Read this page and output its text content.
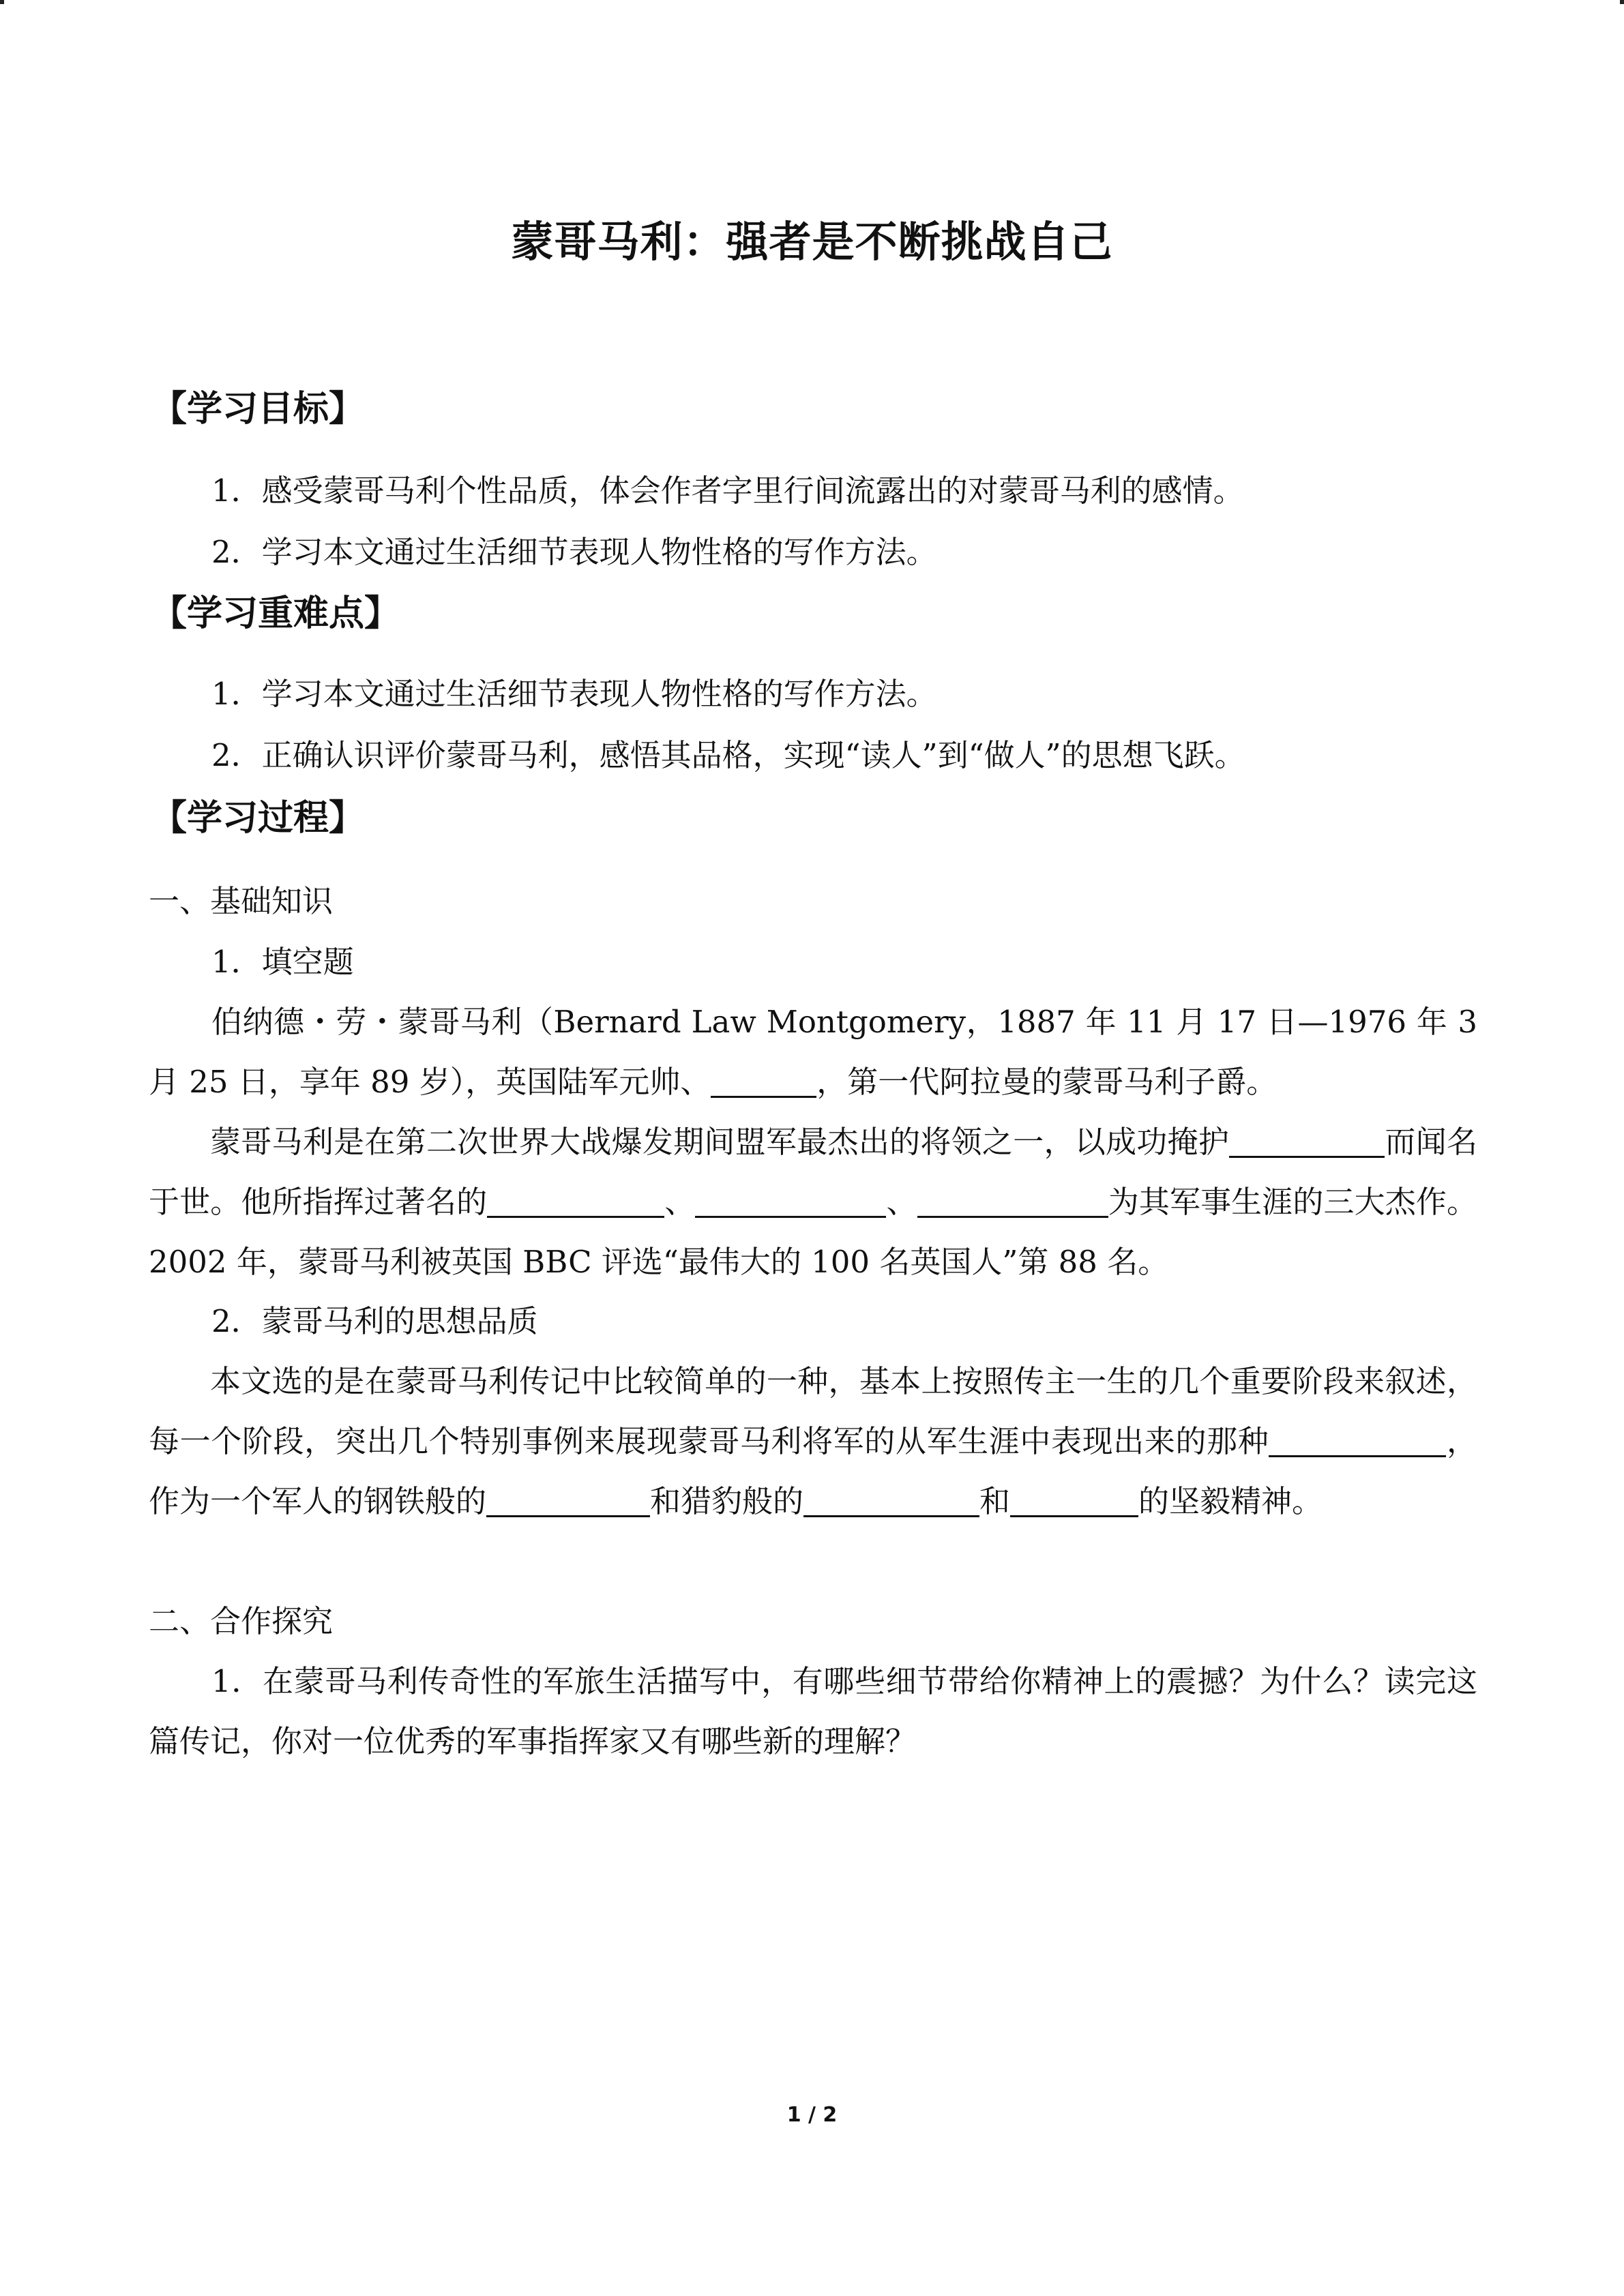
蒙哥马利：强者是不断挑战自己
【学习目标】
1．感受蒙哥马利个性品质，体会作者字里行间流露出的对蒙哥马利的感情。
2．学习本文通过生活细节表现人物性格的写作方法。
【学习重难点】
1．学习本文通过生活细节表现人物性格的写作方法。
2．正确认识评价蒙哥马利，感悟其品格，实现“读人”到“做人”的思想飞跃。
【学习过程】
一、基础知识
1．填空题
伯纳德・劳・蒙哥马利（Bernard Law Montgomery，1887 年 11 月 17 日—1976 年 3 月 25 日，享年 89 岁），英国陆军元帅、	，第一代阿拉曼的蒙哥马利子爵。
蒙哥马利是在第二次世界大战爆发期间盟军最杰出的将领之一，以成功掩护	而闻名于世。他所指挥过著名的	、	、	为其军事生涯的三大杰作。2002 年，蒙哥马利被英国 BBC 评选“最伟大的 100 名英国人”第 88 名。
2．蒙哥马利的思想品质
本文选的是在蒙哥马利传记中比较简单的一种，基本上按照传主一生的几个重要阶段来叙述，每一个阶段，突出几个特别事例来展现蒙哥马利将军的从军生涯中表现出来的那种	，作为一个军人的钢铁般的	和猎豹般的	和	的坚毅精神。
二、合作探究
1．在蒙哥马利传奇性的军旅生活描写中，有哪些细节带给你精神上的震撼？为什么？读完这篇传记，你对一位优秀的军事指挥家又有哪些新的理解？
1 / 2
